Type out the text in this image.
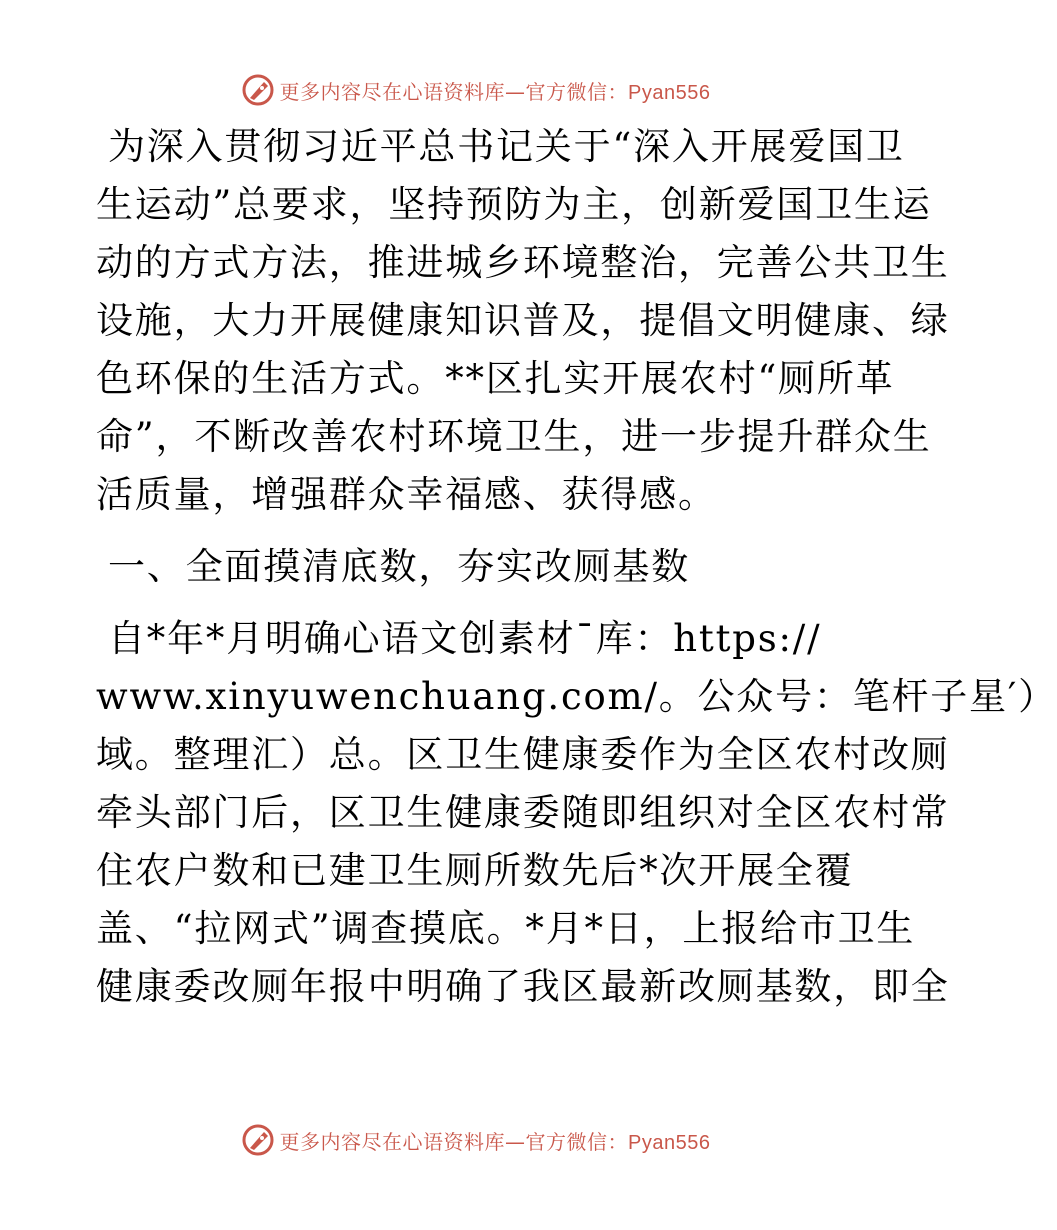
更多内容尽在心语资料库—官方微信：Pyan556
为深入贯彻习近平总书记关于“深入开展爱国卫
生运动”总要求，坚持预防为主，创新爱国卫生运
动的方式方法，推进城乡环境整治，完善公共卫生
设施，大力开展健康知识普及，提倡文明健康、绿
色环保的生活方式。**区扎实开展农村“厕所革
命”，不断改善农村环境卫生，进一步提升群众生
活质量，增强群众幸福感、获得感。
一、全面摸清底数，夯实改厕基数
自*年*月明确心语文创素材¯库：https://
www.xinyuwenchuang.com/。公众号：笔杆子星′）
域。整理汇）总。区卫生健康委作为全区农村改厕
牵头部门后，区卫生健康委随即组织对全区农村常
住农户数和已建卫生厕所数先后*次开展全覆
盖、“拉网式”调查摸底。*月*日，上报给市卫生
健康委改厕年报中明确了我区最新改厕基数，即全
更多内容尽在心语资料库—官方微信：Pyan556
